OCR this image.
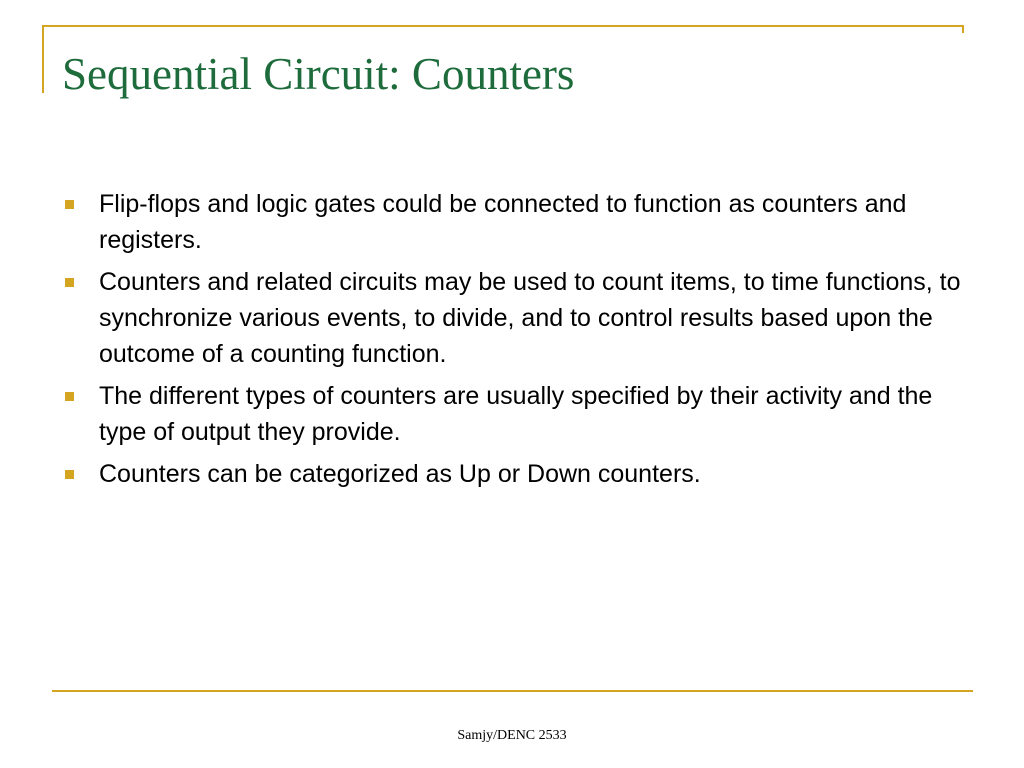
Sequential Circuit: Counters
Flip-flops and logic gates could be connected to function as counters and registers.
Counters and related circuits may be used to count items, to time functions, to synchronize various events, to divide, and to control results based upon the outcome of a counting function.
The different types of counters are usually specified by their activity and the type of output they provide.
Counters can be categorized as Up or Down counters.
Samjy/DENC 2533
